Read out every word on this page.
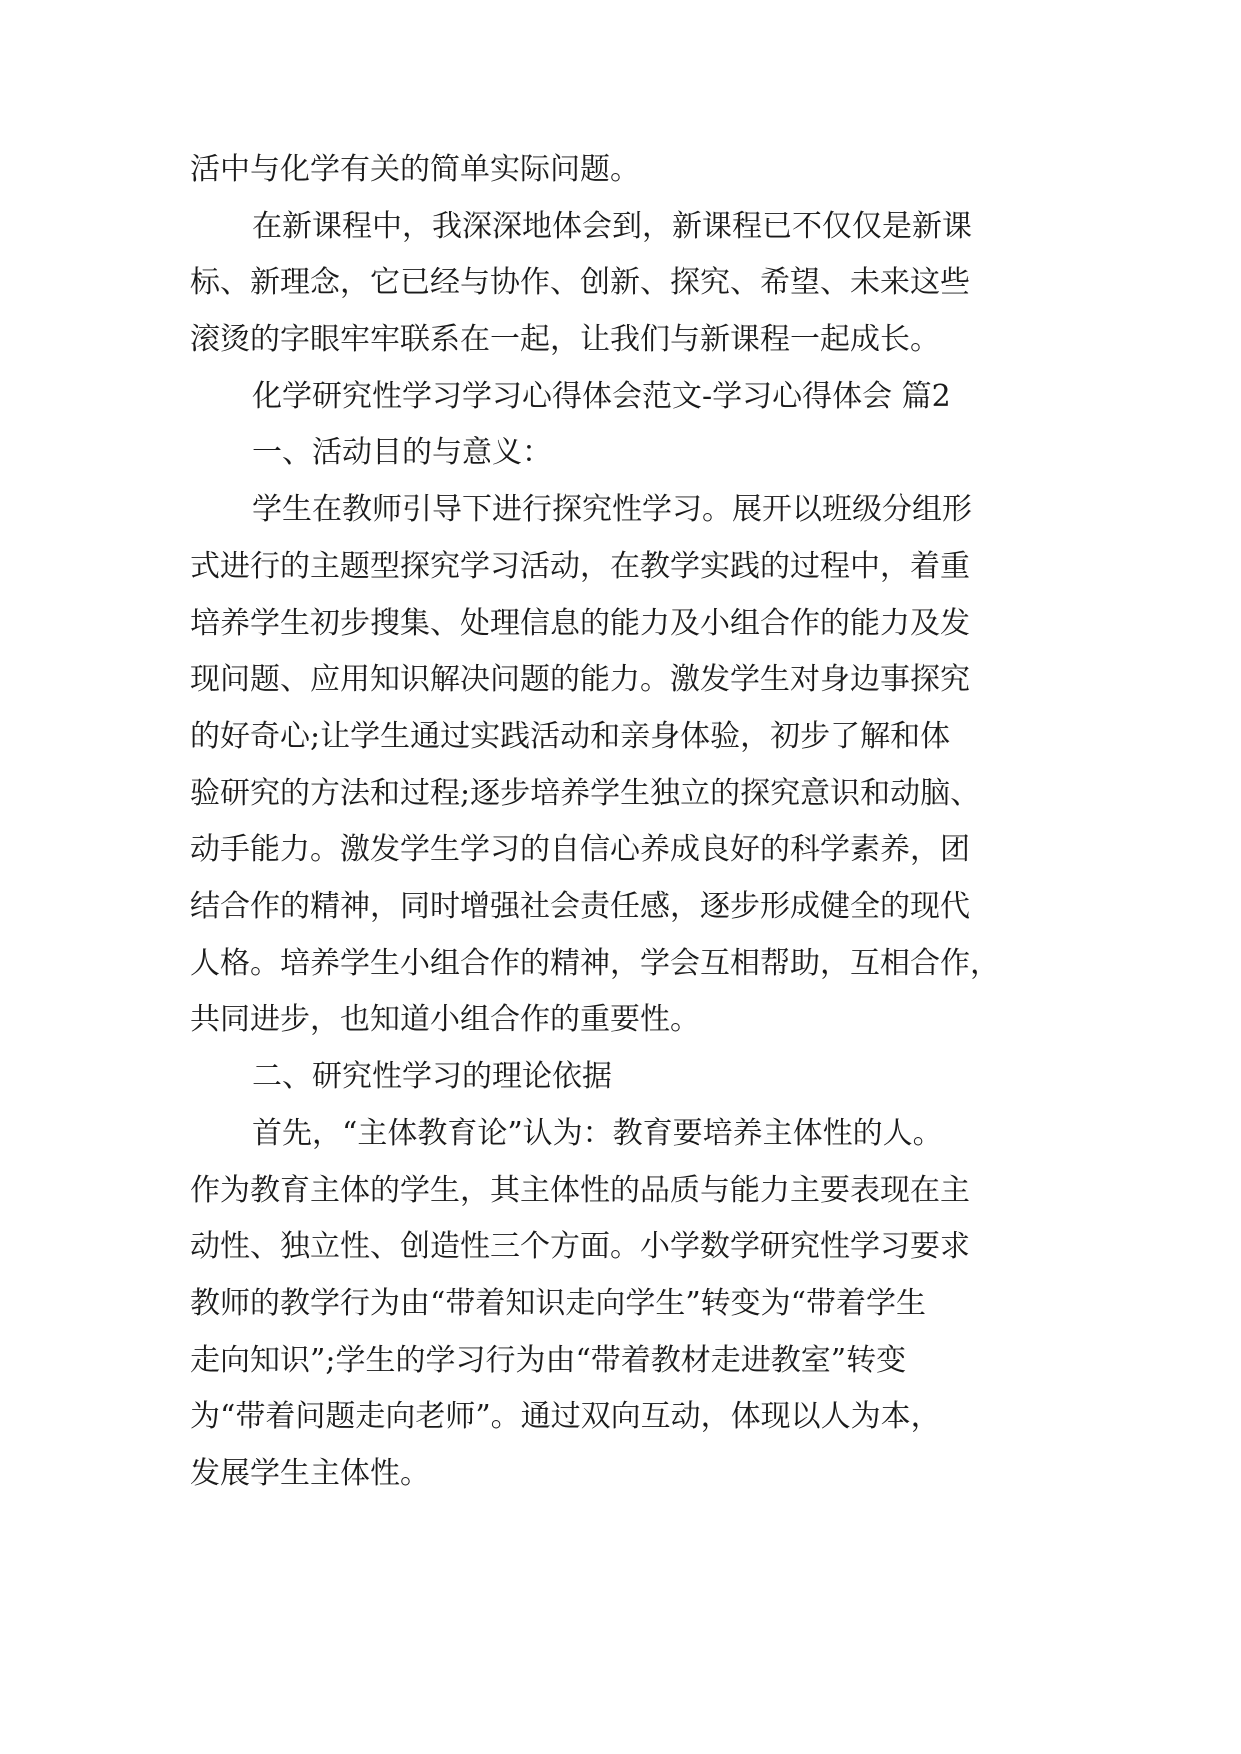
活中与化学有关的简单实际问题。
在新课程中，我深深地体会到，新课程已不仅仅是新课
标、新理念，它已经与协作、创新、探究、希望、未来这些
滚烫的字眼牢牢联系在一起，让我们与新课程一起成长。
化学研究性学习学习心得体会范文-学习心得体会 篇2
一、活动目的与意义：
学生在教师引导下进行探究性学习。展开以班级分组形
式进行的主题型探究学习活动，在教学实践的过程中，着重
培养学生初步搜集、处理信息的能力及小组合作的能力及发
现问题、应用知识解决问题的能力。激发学生对身边事探究
的好奇心;让学生通过实践活动和亲身体验，初步了解和体
验研究的方法和过程;逐步培养学生独立的探究意识和动脑、
动手能力。激发学生学习的自信心养成良好的科学素养，团
结合作的精神，同时增强社会责任感，逐步形成健全的现代
人格。培养学生小组合作的精神，学会互相帮助，互相合作，
共同进步，也知道小组合作的重要性。
二、研究性学习的理论依据
首先，“主体教育论”认为：教育要培养主体性的人。
作为教育主体的学生，其主体性的品质与能力主要表现在主
动性、独立性、创造性三个方面。小学数学研究性学习要求
教师的教学行为由“带着知识走向学生”转变为“带着学生
走向知识”;学生的学习行为由“带着教材走进教室”转变
为“带着问题走向老师”。通过双向互动，体现以人为本，
发展学生主体性。
